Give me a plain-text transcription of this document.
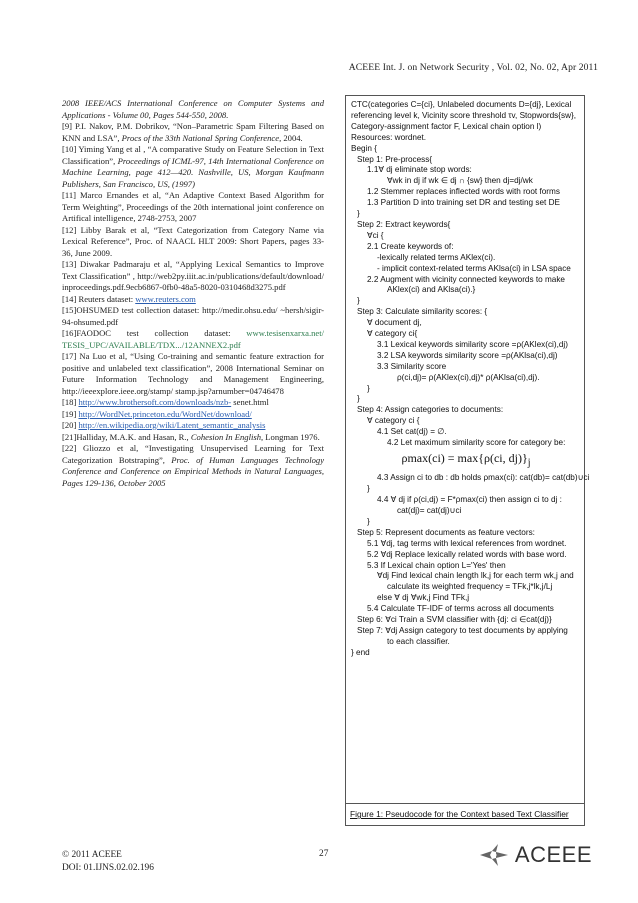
ACEEE Int. J. on Network Security , Vol. 02, No. 02, Apr 2011

2008 IEEE/ACS International Conference on Computer Systems and Applications - Volume 00, Pages 544-550, 2008.

[9] P.I. Nakov, P.M. Dobrikov, “Non–Parametric Spam Filtering Based on KNN and LSA”, Procs of the 33th National Spring Conference, 2004.

[10] Yiming Yang et al , “A comparative Study on Feature Selection in Text Classification”, Proceedings of ICML-97, 14th International Conference on Machine Learning, page 412—420. Nashville, US, Morgan Kaufmann Publishers, San Francisco, US, (1997)

[11] Marco Ernandes et al, “An Adaptive Context Based Algorithm for Term Weighting”, Proceedings of the 20th international joint conference on Artifical intelligence, 2748-2753, 2007

[12] Libby Barak et al, “Text Categorization from Category Name via Lexical Reference”, Proc. of NAACL HLT 2009: Short Papers, pages 33-36, June 2009.

[13] Diwakar Padmaraju et al, “Applying Lexical Semantics to Improve Text Classification” , http://web2py.iiit.ac.in/publications/default/download/ inproceedings.pdf.9ecb6867-0fb0-48a5-8020-0310468d3275.pdf

[14] Reuters dataset: www.reuters.com

[15]OHSUMED test collection dataset: http://medir.ohsu.edu/ ~hersh/sigir-94-ohsumed.pdf

[16]FAODOC test collection dataset: www.tesisenxarxa.net/ TESIS_UPC/AVAILABLE/TDX.../12ANNEX2.pdf

[17] Na Luo et al, “Using Co-training and semantic feature extraction for positive and unlabeled text classification”, 2008 International Seminar on Future Information Technology and Management Engineering, http://ieeexplore.ieee.org/stamp/ stamp.jsp?arnumber=04746478

[18] http://www.brothersoft.com/downloads/nzb- senet.html

[19] http://WordNet.princeton.edu/WordNet/download/

[20] http://en.wikipedia.org/wiki/Latent_semantic_analysis

[21]Halliday, M.A.K. and Hasan, R., Cohesion In English, Longman 1976.

[22] Gliozzo et al, “Investigating Unsupervised Learning for Text Categorization Botstraping”, Proc. of Human Languages Technology Conference and Conference on Empirical Methods in Natural Languages, Pages 129-136, October 2005

CTC(categories C={ci}, Unlabeled documents D={dj}, Lexical
referencing level k, Vicinity score threshold τv, Stopwords{sw},
Category-assignment factor F, Lexical chain option l)
Resources: wordnet.
Begin {
Step 1: Pre-process{
1.1∀ dj eliminate stop words:
∀wk in dj if wk ∈ dj ∩ {sw} then dj=dj/wk
1.2 Stemmer replaces inflected words with root forms
1.3 Partition D into training set DR and testing set DE
}
Step 2: Extract keywords{
∀ci {
2.1 Create keywords of:
-lexically related terms AKlex(ci).
- implicit context-related terms AKlsa(ci) in LSA space
2.2 Augment with vicinity connected keywords to make
AKlex(ci) and AKlsa(ci).}
}
Step 3: Calculate similarity scores: {
∀ document dj,
∀ category ci{
3.1 Lexical keywords similarity score =ρ(AKlex(ci),dj)
3.2 LSA keywords similarity score =ρ(AKlsa(ci),dj)
3.3 Similarity score
ρ(ci,dj)= ρ(AKlex(ci),dj)* ρ(AKlsa(ci),dj).
}
}
Step 4: Assign categories to documents:
∀ category ci {
4.1 Set cat(dj) = ∅.
4.2 Let maximum similarity score for category be:
ρmax(ci) = max{ρ(ci, $dj)\}_j$
4.3 Assign ci to db : db holds ρmax(ci): cat(db)= cat(db)∪ci
}
4.4 ∀ dj if ρ(ci,dj) = F*ρmax(ci) then assign ci to dj :
cat(dj)= cat(dj)∪ci
}
Step 5: Represent documents as feature vectors:
5.1 ∀dj, tag terms with lexical references from wordnet.
5.2 ∀dj Replace lexically related words with base word.
5.3 If Lexical chain option L='Yes' then
∀dj Find lexical chain length lk,j for each term wk,j and
calculate its weighted frequency = TFk,j*lk,j/Lj
else ∀ dj ∀wk,j Find TFk,j
5.4 Calculate TF-IDF of terms across all documents
Step 6: ∀ci Train a SVM classifier with {dj: ci ∈cat(dj)}
Step 7: ∀dj Assign category to test documents by applying
to each classifier.
} end
Figure 1: Pseudocode for the Context based Text Classifier
© 2011 ACEEE
DOI: 01.IJNS.02.02.196
27	ACEEE
